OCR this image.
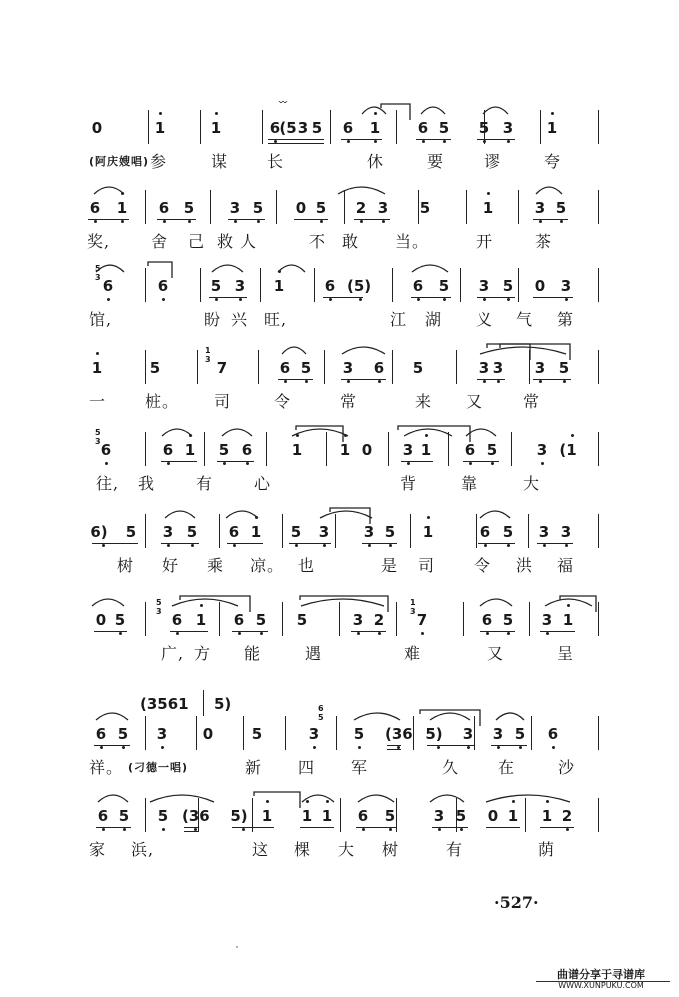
0	1	1	6 (5 3 5 6 1	6 5 5 3 1
〰
(阿庆嫂唱) 参	谋 长	休	要 谬	夸
6 1 6 5 3 5 0 5 2 3 5	1	3 5
奖,	舍 己 救 人	不 敢 当。	开	茶
6	6	5 3 1	6 (5)	6 5 3 5 0 3
5
3
馆,	盼 兴 旺,	江 湖 义 气 第
1	5	7	6 5 3 6 5	3 3 3 5
1
3
一 桩。 司	令	常	来 又 常
6	6 1 5 6	1	1 0 3 1 6 5	3 (1
5
3
往, 我	有	心	背	靠	大
6) 5 3 5 6 1 5 3 3 5 1	6 5 3 3
树 好 乘 凉。 也	是 司 令 洪 福
0 5	6 1 6 5 5	3 2 7	6 5 3 1
5
3
1
3
广, 方 能	遇	难	又	呈
6 5 3 0	5	3 5 (36 5) 3 3 5 6
6
5
(3561 5)
祥。 (刁德一唱)	新 四 军	久 在	沙
6 5 5 (36 5) 1 1 1 6 5	3 5 0 1 1 2
家 浜,	这 棵 大 树	有	荫
·527·
曲谱分享于寻谱库
WWW.XUNPUKU.COM
